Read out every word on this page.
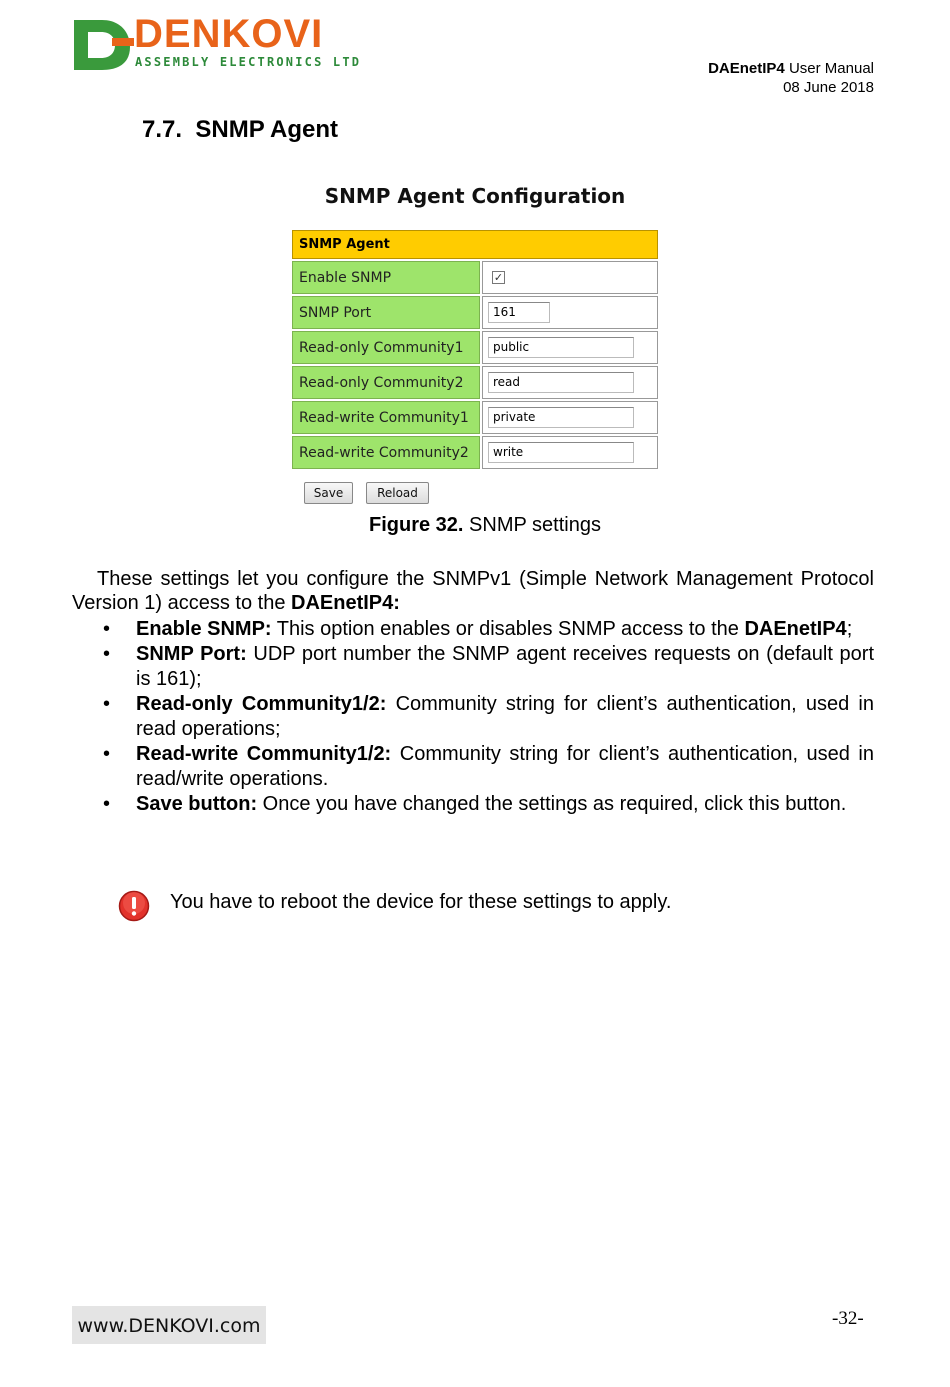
DENKOVI
ASSEMBLY ELECTRONICS LTD	DAEnetIP4 User Manual
08 June 2018
7.7. SNMP Agent
SNMP Agent Configuration
SNMP Agent	
Enable SNMP	✓
SNMP Port	161
Read-only Community1	public
Read-only Community2	read
Read-write Community1	private
Read-write Community2	write
Save	Reload
Figure 32. SNMP settings
These settings let you configure the SNMPv1 (Simple Network Management Protocol Version 1) access to the DAEnetIP4:
• Enable SNMP: This option enables or disables SNMP access to the DAEnetIP4;
• SNMP Port: UDP port number the SNMP agent receives requests on (default port is 161);
• Read-only Community1/2: Community string for client’s authentication, used in read operations;
• Read-write Community1/2: Community string for client’s authentication, used in read/write operations.
• Save button: Once you have changed the settings as required, click this button.
You have to reboot the device for these settings to apply.
www.DENKOVI.com	-32-
